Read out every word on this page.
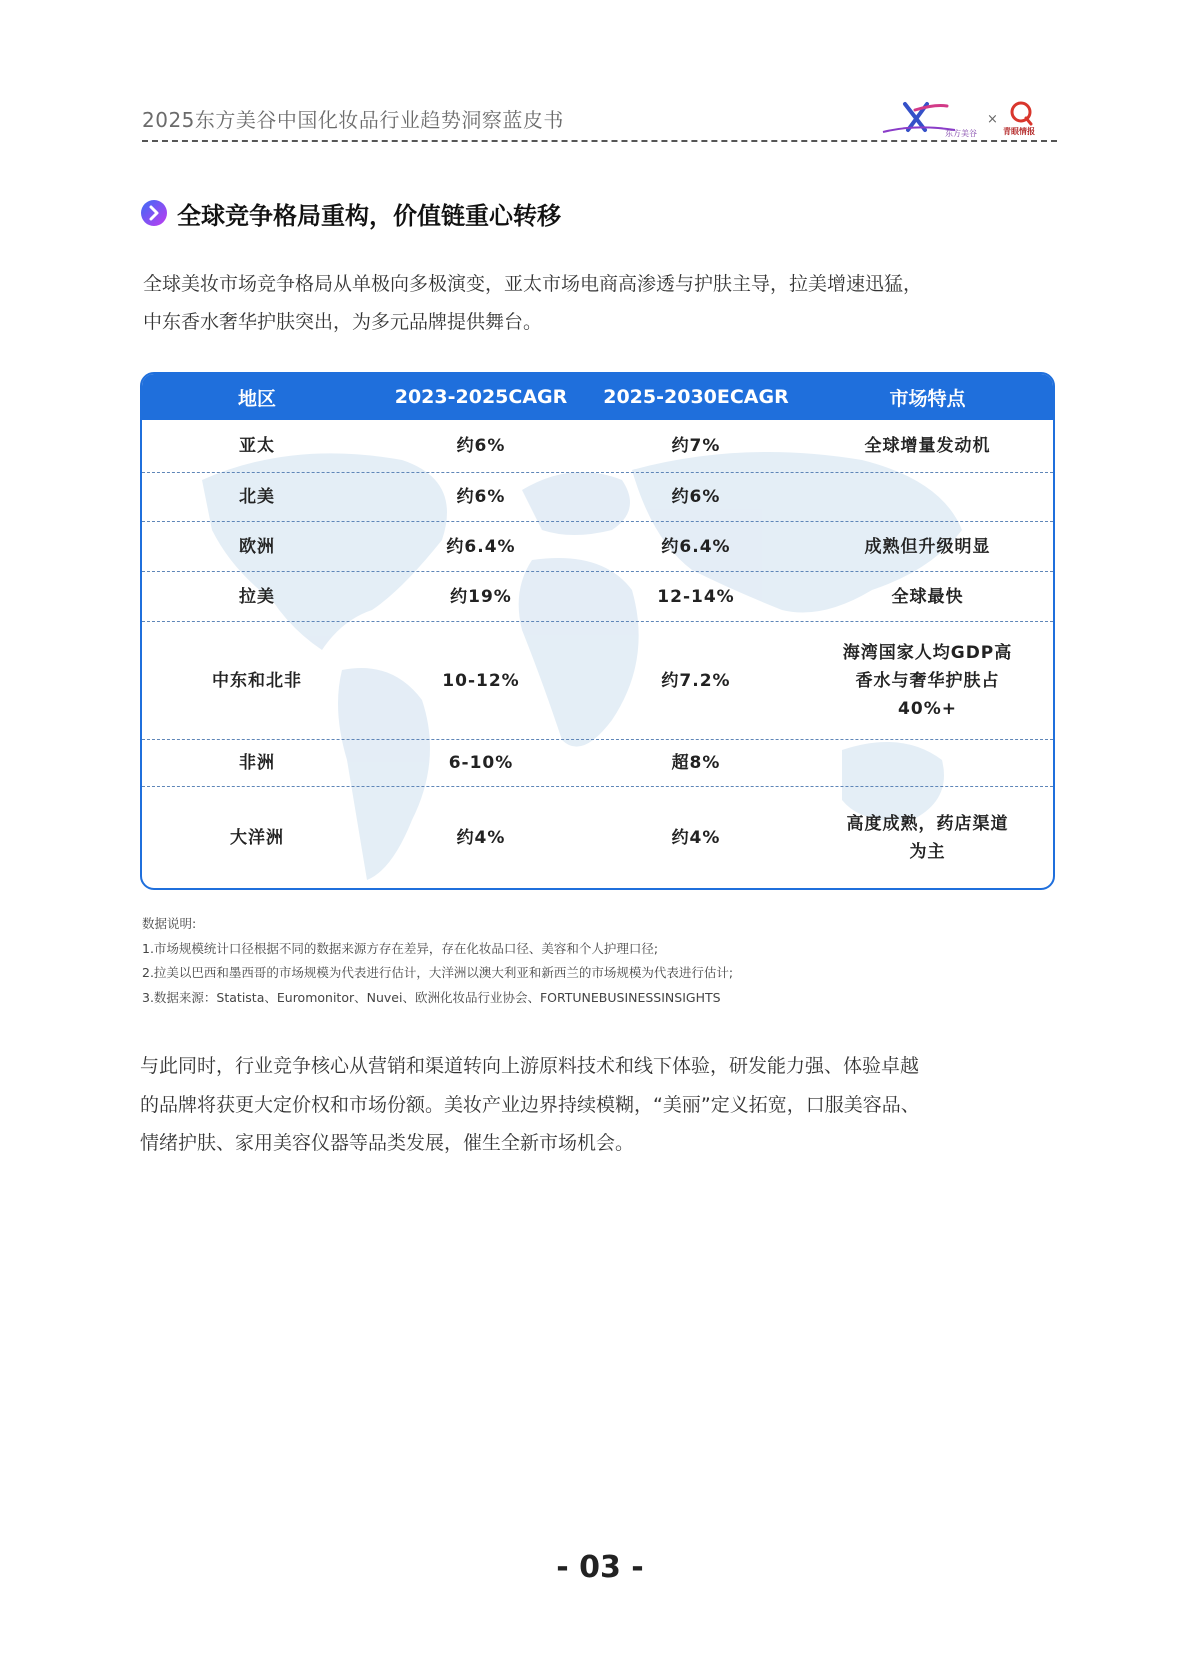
2025东方美谷中国化妆品行业趋势洞察蓝皮书
东方美谷
×
青眼情报
全球竞争格局重构，价值链重心转移
全球美妆市场竞争格局从单极向多极演变，亚太市场电商高渗透与护肤主导，拉美增速迅猛，
中东香水奢华护肤突出，为多元品牌提供舞台。
地区	2023-2025CAGR	2025-2030ECAGR	市场特点
亚太	约6%	约7%	全球增量发动机
北美	约6%	约6%
欧洲	约6.4%	约6.4%	成熟但升级明显
拉美	约19%	12-14%	全球最快
中东和北非	10-12%	约7.2%
海湾国家人均GDP高
香水与奢华护肤占
40%+
非洲	6-10%	超8%
大洋洲	约4%	约4%
高度成熟，药店渠道
为主
数据说明:
1.市场规模统计口径根据不同的数据来源方存在差异，存在化妆品口径、美容和个人护理口径;
2.拉美以巴西和墨西哥的市场规模为代表进行估计，大洋洲以澳大利亚和新西兰的市场规模为代表进行估计;
3.数据来源：Statista、Euromonitor、Nuvei、欧洲化妆品行业协会、FORTUNEBUSINESSINSIGHTS
与此同时，行业竞争核心从营销和渠道转向上游原料技术和线下体验，研发能力强、体验卓越
的品牌将获更大定价权和市场份额。美妆产业边界持续模糊，“美丽”定义拓宽，口服美容品、
情绪护肤、家用美容仪器等品类发展，催生全新市场机会。
- 03 -
